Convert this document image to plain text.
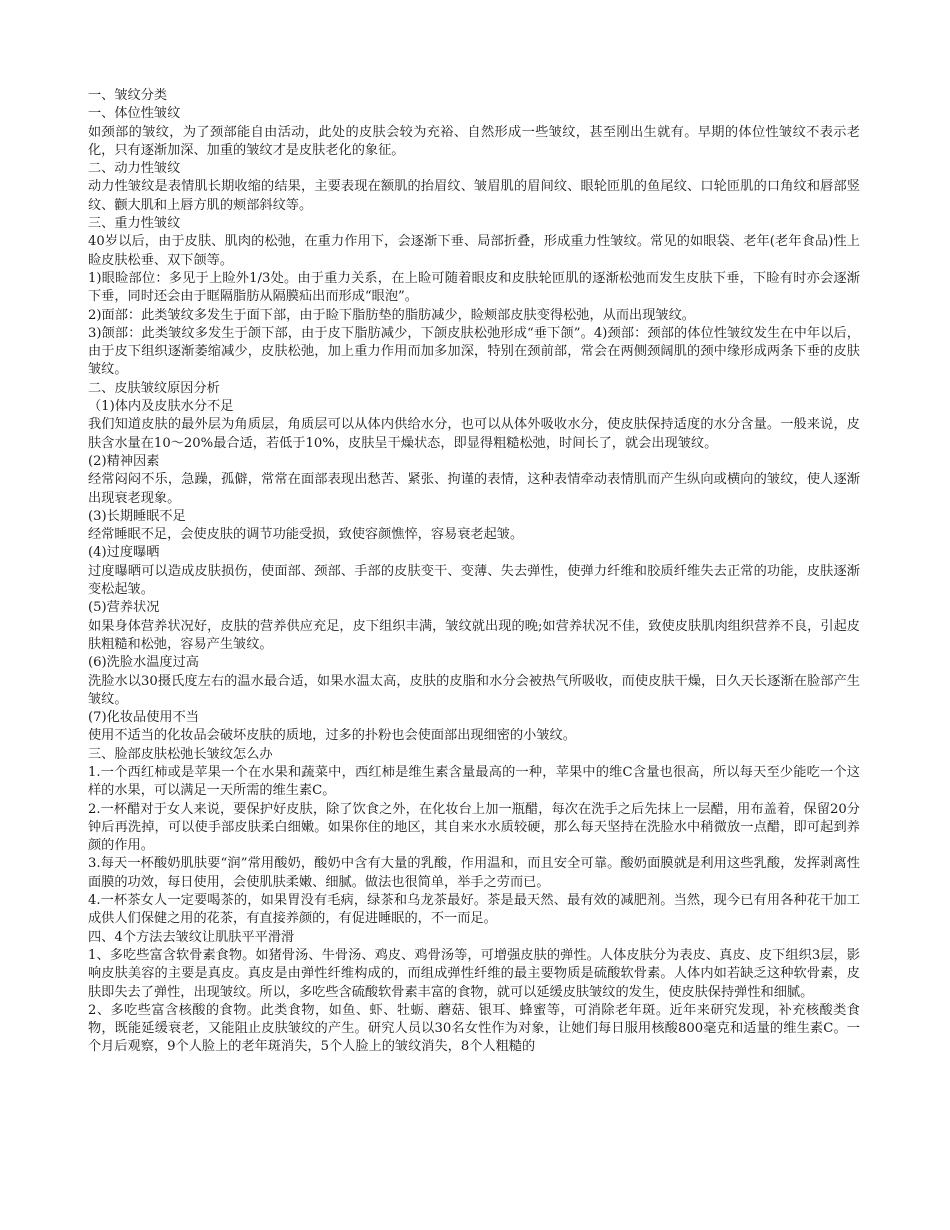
一、皱纹分类

一、体位性皱纹

如颈部的皱纹，为了颈部能自由活动，此处的皮肤会较为充裕、自然形成一些皱纹，甚至刚出生就有。早期的体位性皱纹不表示老化，只有逐渐加深、加重的皱纹才是皮肤老化的象征。

二、动力性皱纹

动力性皱纹是表情肌长期收缩的结果，主要表现在额肌的抬眉纹、皱眉肌的眉间纹、眼轮匝肌的鱼尾纹、口轮匝肌的口角纹和唇部竖纹、颧大肌和上唇方肌的颊部斜纹等。

三、重力性皱纹

40岁以后，由于皮肤、肌肉的松弛，在重力作用下，会逐渐下垂、局部折叠，形成重力性皱纹。常见的如眼袋、老年(老年食品)性上睑皮肤松垂、双下颌等。

1)眼睑部位：多见于上睑外1/3处。由于重力关系，在上睑可随着眼皮和皮肤轮匝肌的逐渐松弛而发生皮肤下垂，下睑有时亦会逐渐下垂，同时还会由于眶隔脂肪从隔膜疝出而形成“眼泡”。

2)面部：此类皱纹多发生于面下部，由于睑下脂肪垫的脂肪减少，睑颊部皮肤变得松弛，从而出现皱纹。

3)颌部：此类皱纹多发生于颌下部，由于皮下脂肪减少，下颌皮肤松弛形成“垂下颌”。4)颈部：颈部的体位性皱纹发生在中年以后，由于皮下组织逐渐萎缩减少，皮肤松弛，加上重力作用而加多加深，特别在颈前部，常会在两侧颈阔肌的颈中缘形成两条下垂的皮肤皱纹。

二、皮肤皱纹原因分析

（1)体内及皮肤水分不足

我们知道皮肤的最外层为角质层，角质层可以从体内供给水分，也可以从体外吸收水分，使皮肤保持适度的水分含量。一般来说，皮肤含水量在10～20%最合适，若低于10%，皮肤呈干燥状态，即显得粗糙松弛，时间长了，就会出现皱纹。

(2)精神因素

经常闷闷不乐，急躁，孤僻，常常在面部表现出愁苦、紧张、拘谨的表情，这种表情牵动表情肌而产生纵向或横向的皱纹，使人逐渐出现衰老现象。

(3)长期睡眠不足

经常睡眠不足，会使皮肤的调节功能受损，致使容颜憔悴，容易衰老起皱。

(4)过度曝晒

过度曝晒可以造成皮肤损伤，使面部、颈部、手部的皮肤变干、变薄、失去弹性，使弹力纤维和胶质纤维失去正常的功能，皮肤逐渐变松起皱。

(5)营养状况

如果身体营养状况好，皮肤的营养供应充足，皮下组织丰满，皱纹就出现的晚;如营养状况不佳，致使皮肤肌肉组织营养不良，引起皮肤粗糙和松弛，容易产生皱纹。

(6)洗脸水温度过高

洗脸水以30摄氏度左右的温水最合适，如果水温太高，皮肤的皮脂和水分会被热气所吸收，而使皮肤干燥，日久天长逐渐在脸部产生皱纹。

(7)化妆品使用不当

使用不适当的化妆品会破坏皮肤的质地，过多的扑粉也会使面部出现细密的小皱纹。

三、脸部皮肤松弛长皱纹怎么办

1.一个西红柿或是苹果一个在水果和蔬菜中，西红柿是维生素含量最高的一种，苹果中的维C含量也很高，所以每天至少能吃一个这样的水果，可以满足一天所需的维生素C。

2.一杯醋对于女人来说，要保护好皮肤，除了饮食之外，在化妆台上加一瓶醋，每次在洗手之后先抹上一层醋，用布盖着，保留20分钟后再洗掉，可以使手部皮肤柔白细嫩。如果你住的地区，其自来水水质较硬，那么每天坚持在洗脸水中稍微放一点醋，即可起到养颜的作用。

3.每天一杯酸奶肌肤要“润”常用酸奶，酸奶中含有大量的乳酸，作用温和，而且安全可靠。酸奶面膜就是利用这些乳酸，发挥剥离性面膜的功效，每日使用，会使肌肤柔嫩、细腻。做法也很简单，举手之劳而已。

4.一杯茶女人一定要喝茶的，如果胃没有毛病，绿茶和乌龙茶最好。茶是最天然、最有效的减肥剂。当然，现今已有用各种花干加工成供人们保健之用的花茶，有直接养颜的，有促进睡眠的，不一而足。

四、4个方法去皱纹让肌肤平平滑滑

1、多吃些富含软骨素食物。如猪骨汤、牛骨汤、鸡皮、鸡骨汤等，可增强皮肤的弹性。人体皮肤分为表皮、真皮、皮下组织3层，影响皮肤美容的主要是真皮。真皮是由弹性纤维构成的，而组成弹性纤维的最主要物质是硫酸软骨素。人体内如若缺乏这种软骨素，皮肤即失去了弹性，出现皱纹。所以，多吃些含硫酸软骨素丰富的食物，就可以延缓皮肤皱纹的发生，使皮肤保持弹性和细腻。

2、多吃些富含核酸的食物。此类食物，如鱼、虾、牡蛎、蘑菇、银耳、蜂蜜等，可消除老年斑。近年来研究发现，补充核酸类食物，既能延缓衰老，又能阻止皮肤皱纹的产生。研究人员以30名女性作为对象，让她们每日服用核酸800毫克和适量的维生素C。一个月后观察，9个人脸上的老年斑消失，5个人脸上的皱纹消失，8个人粗糙的
